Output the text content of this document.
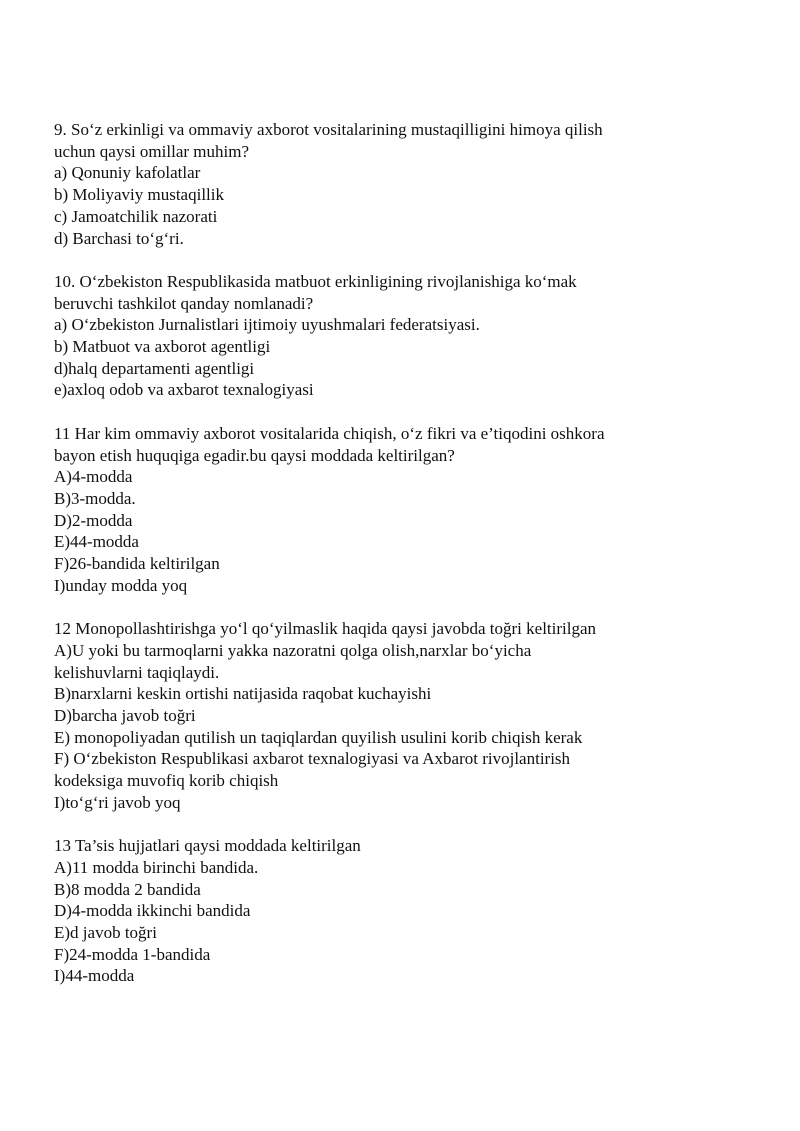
9. So‘z erkinligi va ommaviy axborot vositalarining mustaqilligini himoya qilish
uchun qaysi omillar muhim?

a) Qonuniy kafolatlar

b) Moliyaviy mustaqillik

c) Jamoatchilik nazorati

d) Barchasi to‘g‘ri.

10. O‘zbekiston Respublikasida matbuot erkinligining rivojlanishiga ko‘mak
beruvchi tashkilot qanday nomlanadi?

a) O‘zbekiston Jurnalistlari ijtimoiy uyushmalari federatsiyasi.

b) Matbuot va axborot agentligi

d)halq departamenti agentligi

e)axloq odob va axbarot texnalogiyasi

11 Har kim ommaviy axborot vositalarida chiqish, o‘z fikri va e’tiqodini oshkora
bayon etish huquqiga egadir.bu qaysi moddada keltirilgan?

A)4-modda

B)3-modda.

D)2-modda

E)44-modda

F)26-bandida keltirilgan

I)unday modda yoq

12 Monopollashtirishga yo‘l qo‘yilmaslik haqida qaysi javobda toğri keltirilgan

A)U yoki bu tarmoqlarni yakka nazoratni qolga olish,narxlar bo‘yicha
kelishuvlarni taqiqlaydi.

B)narxlarni keskin ortishi natijasida raqobat kuchayishi

D)barcha javob toğri

E) monopoliyadan qutilish un taqiqlardan quyilish usulini korib chiqish kerak

F) O‘zbekiston Respublikasi axbarot texnalogiyasi va Axbarot rivojlantirish
kodeksiga muvofiq korib chiqish

I)to‘g‘ri javob yoq

13 Ta’sis hujjatlari qaysi moddada keltirilgan

A)11 modda birinchi bandida.

B)8 modda 2 bandida

D)4-modda ikkinchi bandida

E)d javob toğri

F)24-modda 1-bandida

I)44-modda
